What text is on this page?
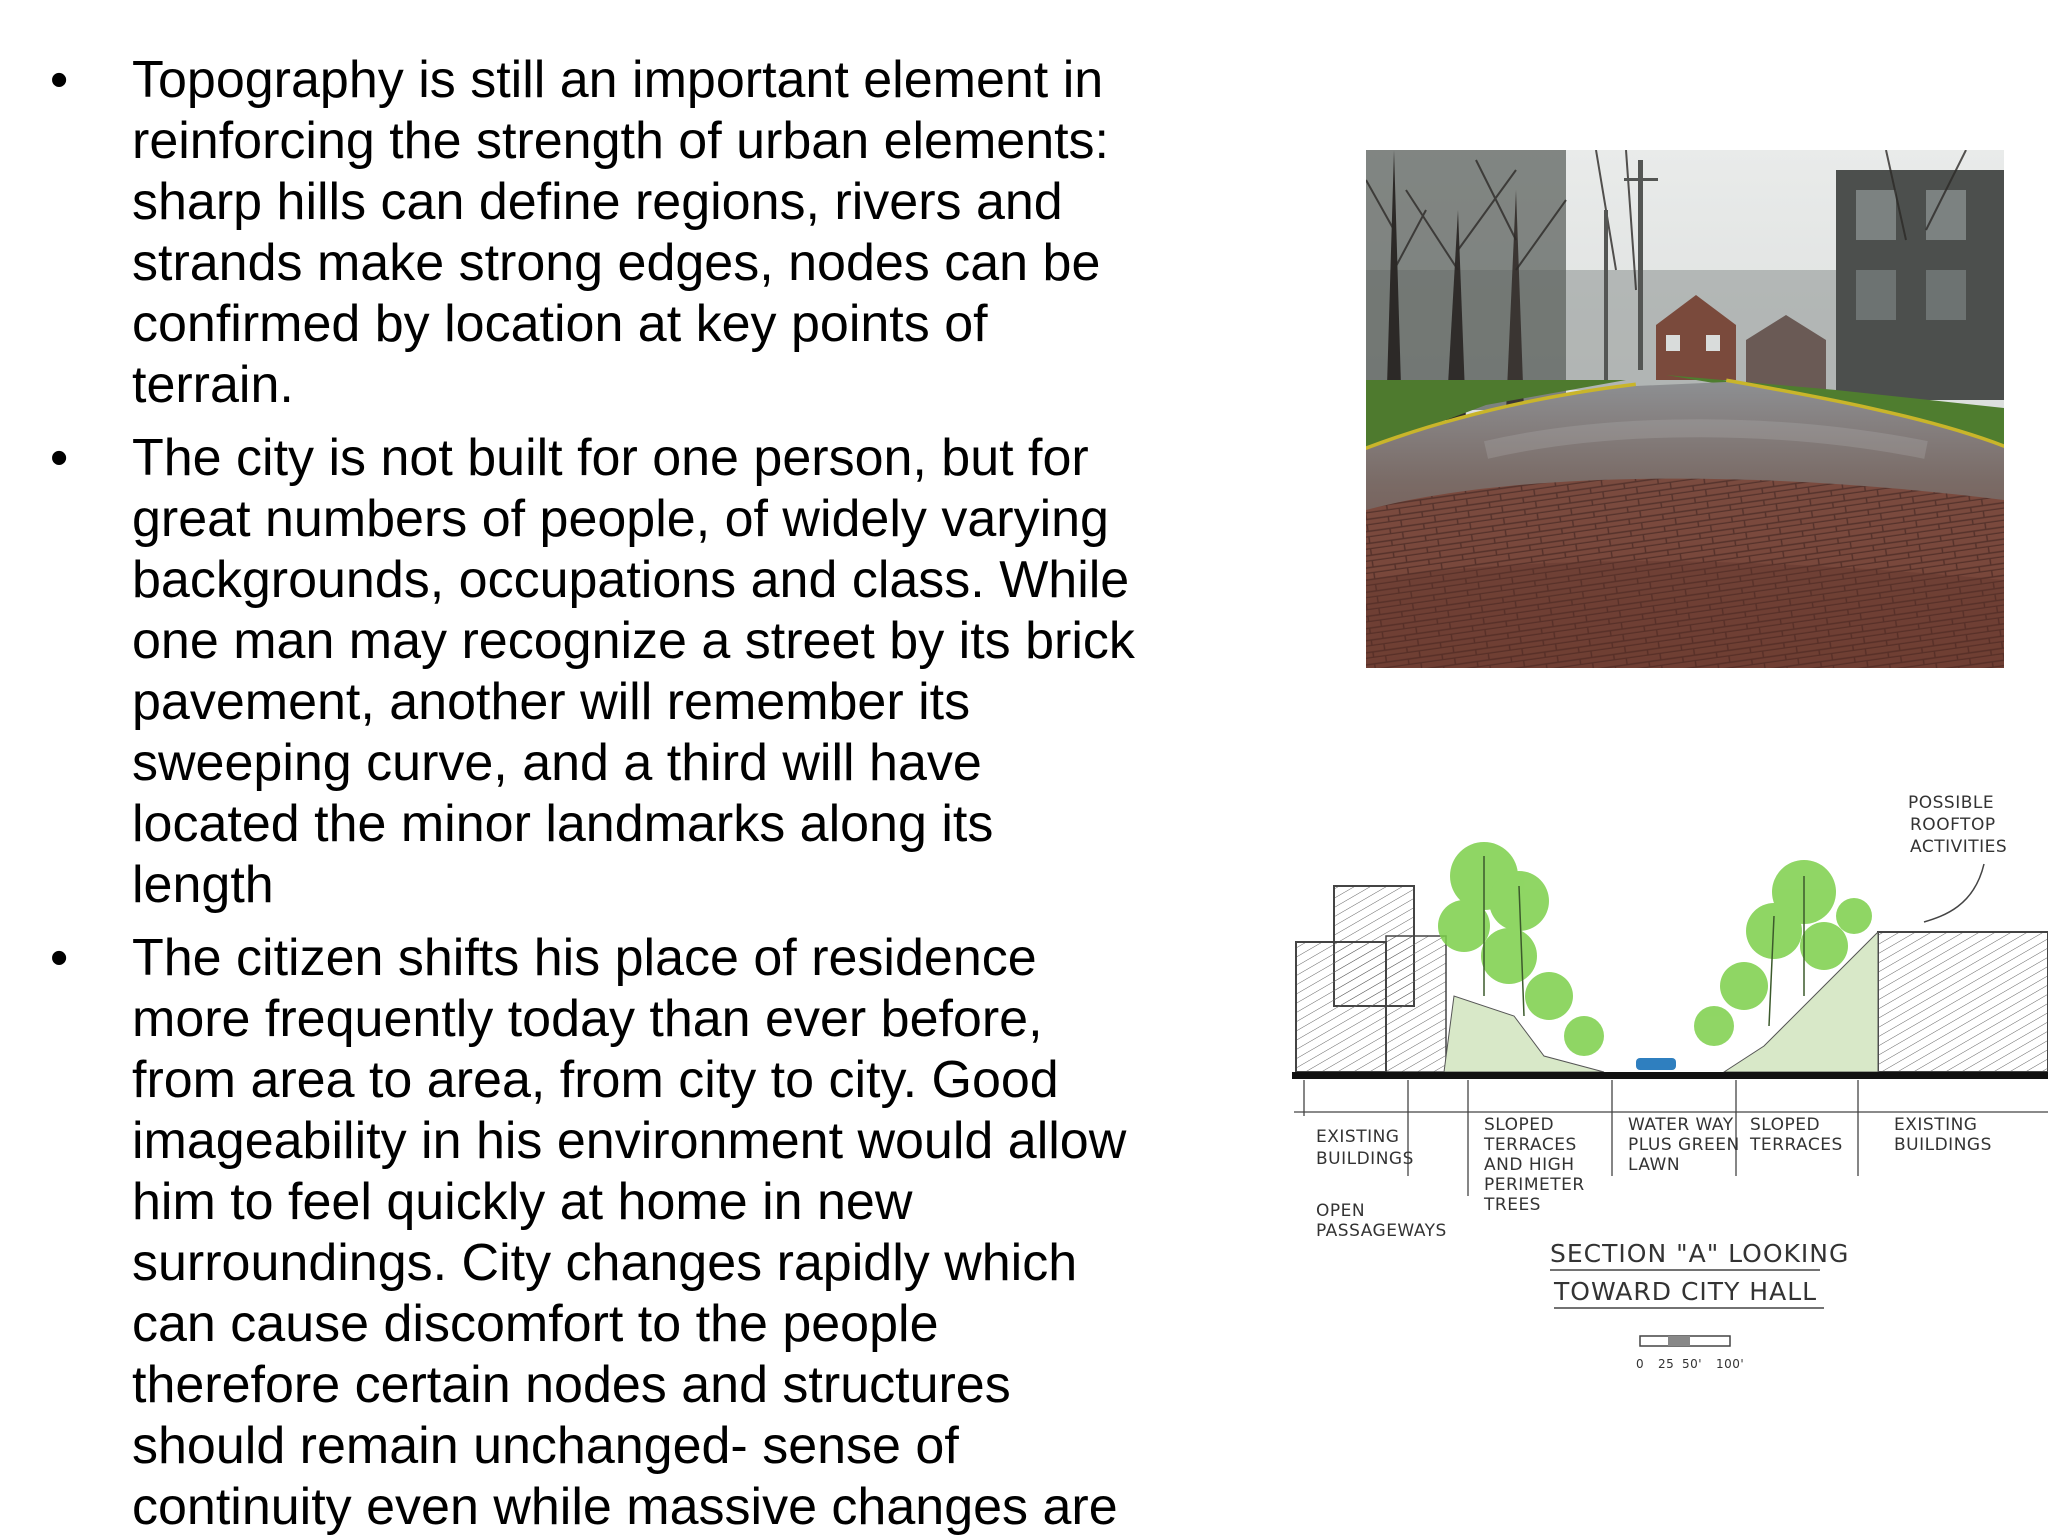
• Topography is still an important element in
reinforcing the strength of urban elements:
sharp hills can define regions, rivers and
strands make strong edges, nodes can be
confirmed by location at key points of
terrain.
• The city is not built for one person, but for
great numbers of people, of widely varying
backgrounds, occupations and class. While
one man may recognize a street by its brick
pavement, another will remember its
sweeping curve, and a third will have
located the minor landmarks along its
length
• The citizen shifts his place of residence
more frequently today than ever before,
from area to area, from city to city. Good
imageability in his environment would allow
him to feel quickly at home in new
surroundings. City changes rapidly which
can cause discomfort to the people
therefore certain nodes and structures
should remain unchanged- sense of
continuity even while massive changes are
POSSIBLE
ROOFTOP
ACTIVITIES
EXISTING
BUILDINGS
OPEN
PASSAGEWAYS
SLOPED
TERRACES
AND HIGH
PERIMETER
TREES
WATER WAY
PLUS GREEN
LAWN
SLOPED
TERRACES
EXISTING
BUILDINGS
SECTION "A" LOOKING
TOWARD CITY HALL
0 25 50' 100'
